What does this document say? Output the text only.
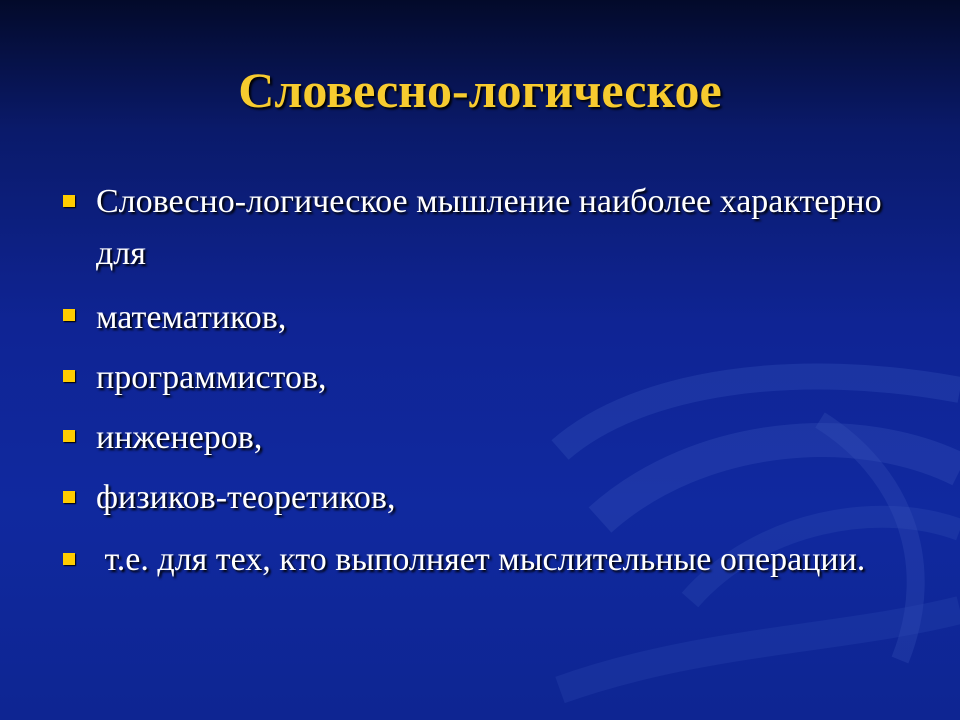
Словесно-логическое
Словесно-логическое мышление наиболее характерно для
математиков,
программистов,
инженеров,
физиков-теоретиков,
т.е. для тех, кто выполняет мыслительные операции.
